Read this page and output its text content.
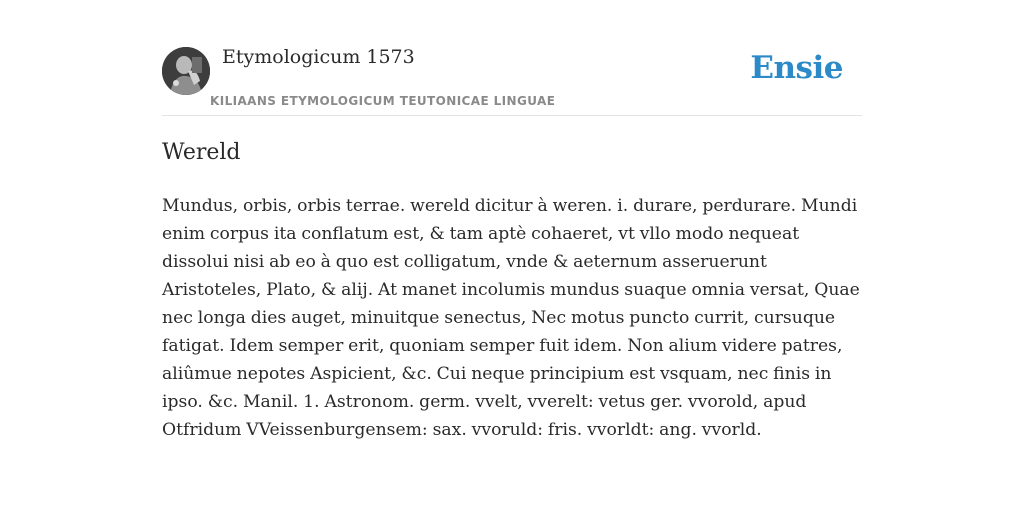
Etymologicum 1573
KILIAANS ETYMOLOGICUM TEUTONICAE LINGUAE
Ensie
Wereld

Mundus, orbis, orbis terrae. wereld dicitur à weren. i. durare, perdurare. Mundi enim corpus ita conflatum est, & tam aptè cohaeret, vt vllo modo nequeat dissolui nisi ab eo à quo est colligatum, vnde & aeternum asseruerunt Aristoteles, Plato, & alij. At manet incolumis mundus suaque omnia versat, Quae nec longa dies auget, minuitque senectus, Nec motus puncto currit, cursuque fatigat. Idem semper erit, quoniam semper fuit idem. Non alium videre patres, aliûmue nepotes Aspicient, &c. Cui neque principium est vsquam, nec finis in ipso. &c. Manil. 1. Astronom. germ. vvelt, vverelt: vetus ger. vvorold, apud Otfridum VVeissenburgensem: sax. vvoruld: fris. vvorldt: ang. vvorld.
